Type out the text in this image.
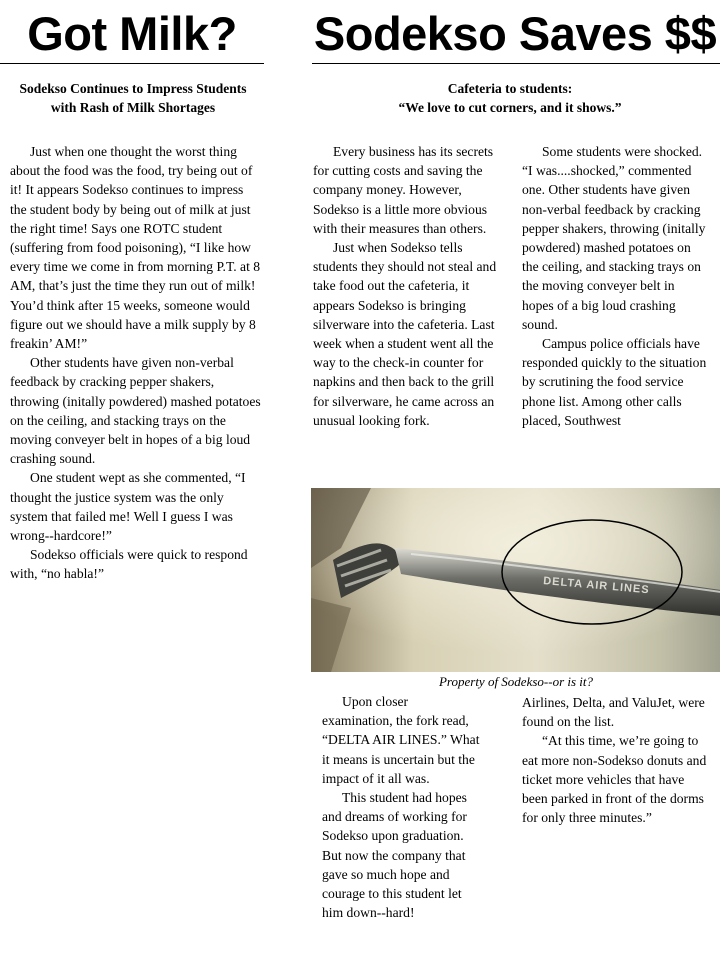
Got Milk?
Sodekso Continues to Impress Students with Rash of Milk Shortages

Just when one thought the worst thing about the food was the food, try being out of it! It appears Sodekso continues to impress the student body by being out of milk at just the right time! Says one ROTC student (suffering from food poisoning), “I like how every time we come in from morning P.T. at 8 AM, that’s just the time they run out of milk! You’d think after 15 weeks, someone would figure out we should have a milk supply by 8 freakin’ AM!”

Other students have given non-verbal feedback by cracking pepper shakers, throwing (initally powdered) mashed potatoes on the ceiling, and stacking trays on the moving conveyer belt in hopes of a big loud crashing sound.

One student wept as she commented, “I thought the justice system was the only system that failed me! Well I guess I was wrong--hardcore!”

Sodekso officials were quick to respond with, “no habla!”

Sodekso Saves $$
Cafeteria to students:
“We love to cut corners, and it shows.”

Every business has its secrets for cutting costs and saving the company money. However, Sodekso is a little more obvious with their measures than others.

Just when Sodekso tells students they should not steal and take food out the cafeteria, it appears Sodekso is bringing silverware into the cafeteria. Last week when a student went all the way to the check-in counter for napkins and then back to the grill for silverware, he came across an unusual looking fork.

Some students were shocked. “I was....shocked,” commented one. Other students have given non-verbal feedback by cracking pepper shakers, throwing (initally powdered) mashed potatoes on the ceiling, and stacking trays on the moving conveyer belt in hopes of a big loud crashing sound.

Campus police officials have responded quickly to the situation by scrutining the food service phone list. Among other calls placed, Southwest

DELTA AIR LINES
Property of Sodekso--or is it?

Upon closer examination, the fork read, “DELTA AIR LINES.” What it means is uncertain but the impact of it all was.

This student had hopes and dreams of working for Sodekso upon graduation. But now the company that gave so much hope and courage to this student let him down--hard!

Airlines, Delta, and ValuJet, were found on the list.

“At this time, we’re going to eat more non-Sodekso donuts and ticket more vehicles that have been parked in front of the dorms for only three minutes.”
